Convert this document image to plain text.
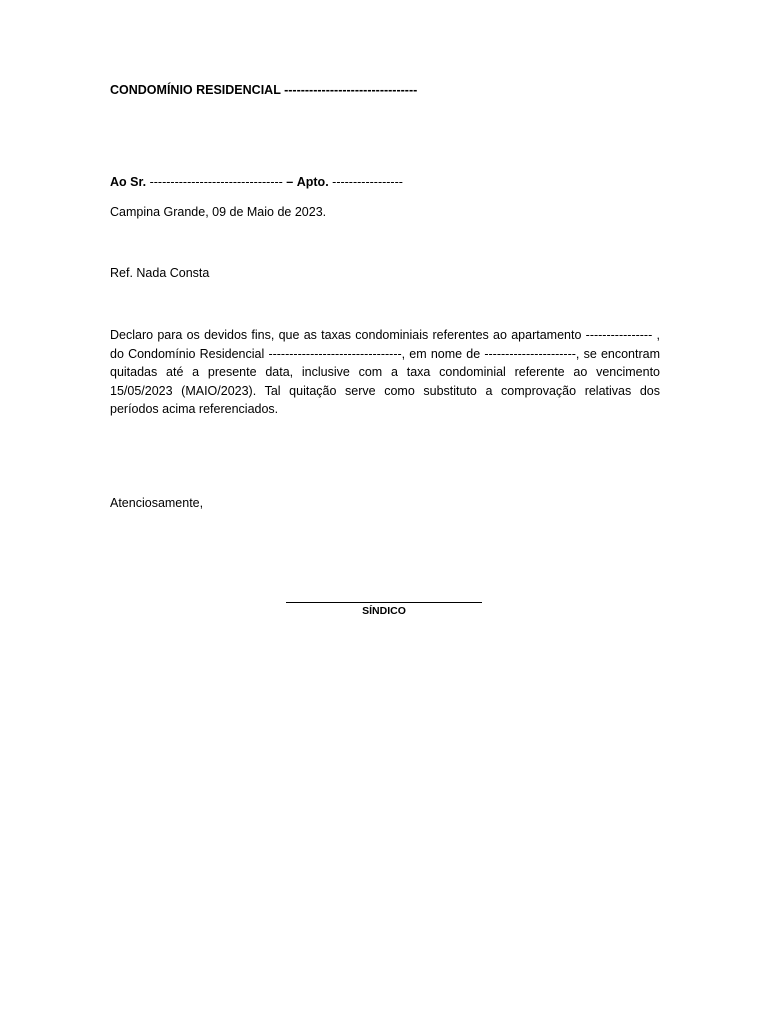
CONDOMÍNIO RESIDENCIAL --------------------------------
Ao Sr. -------------------------------- – Apto. -----------------
Campina Grande, 09 de Maio de 2023.
Ref. Nada Consta
Declaro para os devidos fins, que as taxas condominiais referentes ao apartamento ---------------- , do Condomínio Residencial --------------------------------, em nome de ----------------------, se encontram quitadas até a presente data, inclusive com a taxa condominial referente ao vencimento 15/05/2023 (MAIO/2023). Tal quitação serve como substituto a comprovação relativas dos períodos acima referenciados.
Atenciosamente,
SÍNDICO
